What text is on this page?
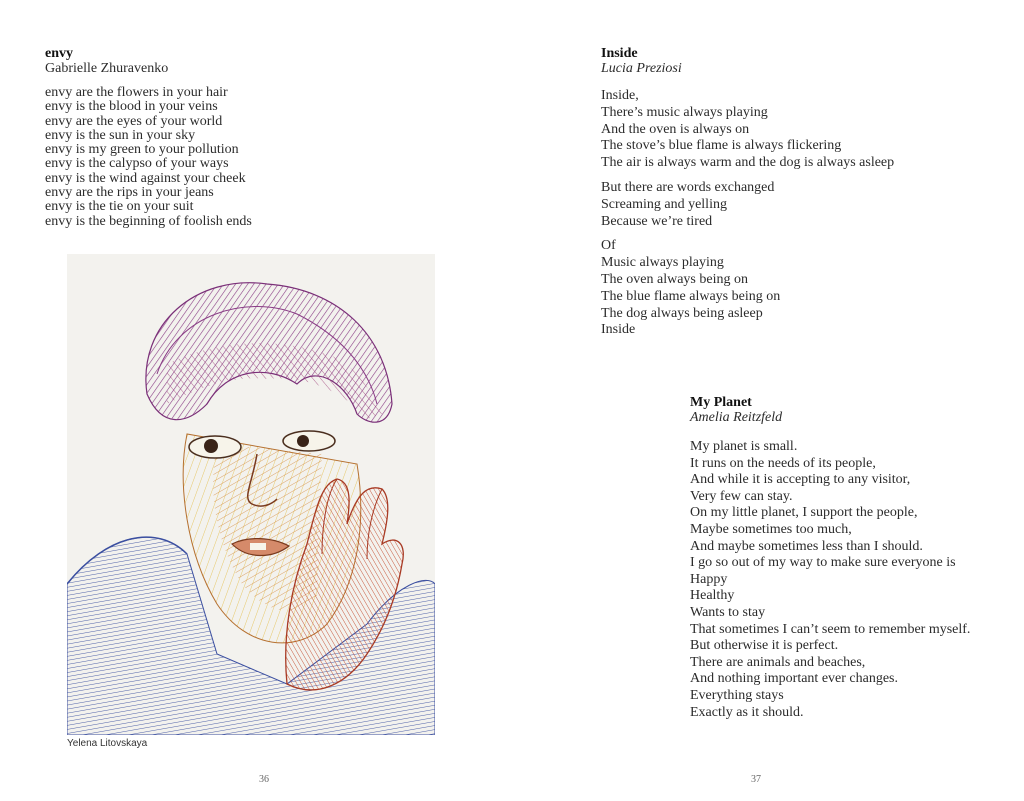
envy
Gabrielle Zhuravenko
envy are the flowers in your hair
envy is the blood in your veins
envy are the eyes of your world
envy is the sun in your sky
envy is my green to your pollution
envy is the calypso of your ways
envy is the wind against your cheek
envy are the rips in your jeans
envy is the tie on your suit
envy is the beginning of foolish ends
Yelena Litovskaya
36
Inside
Lucia Preziosi
Inside,
There’s music always playing
And the oven is always on
The stove’s blue flame is always flickering
The air is always warm and the dog is always asleep
But there are words exchanged
Screaming and yelling
Because we’re tired
Of
Music always playing
The oven always being on
The blue flame always being on
The dog always being asleep
Inside
My Planet
Amelia Reitzfeld
My planet is small.
It runs on the needs of its people,
And while it is accepting to any visitor,
Very few can stay.
On my little planet, I support the people,
Maybe sometimes too much,
And maybe sometimes less than I should.
I go so out of my way to make sure everyone is
Happy
Healthy
Wants to stay
That sometimes I can’t seem to remember myself.
But otherwise it is perfect.
There are animals and beaches,
And nothing important ever changes.
Everything stays
Exactly as it should.
37
